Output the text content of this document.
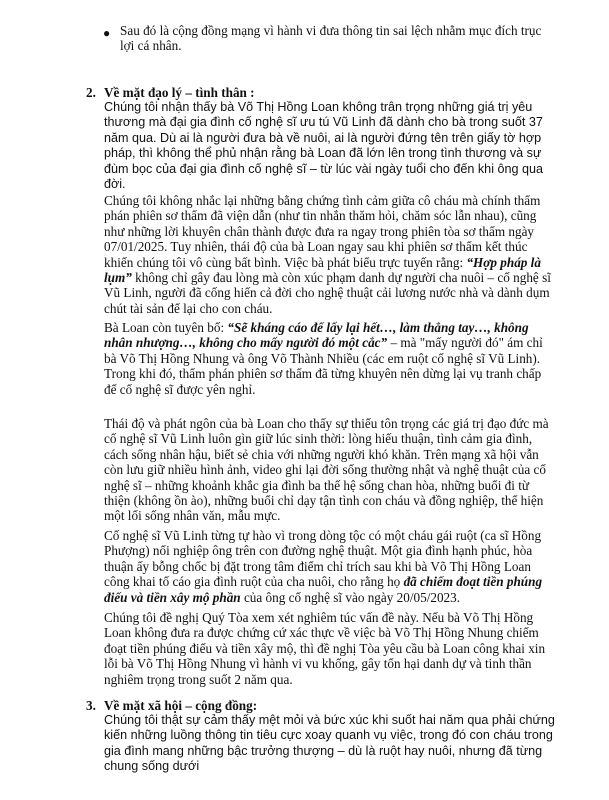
● Sau đó là cộng đồng mạng vì hành vi đưa thông tin sai lệch nhằm mục đích trục lợi cá nhân.

2. Về mặt đạo lý – tình thân :

Chúng tôi nhận thấy bà Võ Thị Hồng Loan không trân trọng những giá trị yêu thương mà đại gia đình cố nghệ sĩ ưu tú Vũ Linh đã dành cho bà trong suốt 37 năm qua. Dù ai là người đưa bà về nuôi, ai là người đứng tên trên giấy tờ hợp pháp, thì không thể phủ nhận rằng bà Loan đã lớn lên trong tình thương và sự đùm bọc của đại gia đình cố nghệ sĩ – từ lúc vài ngày tuổi cho đến khi ông qua đời.

Chúng tôi không nhắc lại những bằng chứng tình cảm giữa cô cháu mà chính thẩm phán phiên sơ thẩm đã viện dẫn (như tin nhắn thăm hỏi, chăm sóc lẫn nhau), cũng như những lời khuyên chân thành được đưa ra ngay trong phiên tòa sơ thẩm ngày 07/01/2025. Tuy nhiên, thái độ của bà Loan ngay sau khi phiên sơ thẩm kết thúc khiến chúng tôi vô cùng bất bình. Việc bà phát biểu trực tuyến rằng: “Hợp pháp là lụm” không chỉ gây đau lòng mà còn xúc phạm danh dự người cha nuôi – cố nghệ sĩ Vũ Linh, người đã cống hiến cả đời cho nghệ thuật cải lương nước nhà và dành dụm chút tài sản để lại cho con cháu.

Bà Loan còn tuyên bố: “Sẽ kháng cáo để lấy lại hết…, làm thẳng tay…, không nhân nhượng…, không cho mấy người đó một cắc” – mà "mấy người đó" ám chỉ bà Võ Thị Hồng Nhung và ông Võ Thành Nhiều (các em ruột cố nghệ sĩ Vũ Linh). Trong khi đó, thẩm phán phiên sơ thẩm đã từng khuyên nên dừng lại vụ tranh chấp để cố nghệ sĩ được yên nghỉ.

Thái độ và phát ngôn của bà Loan cho thấy sự thiếu tôn trọng các giá trị đạo đức mà cố nghệ sĩ Vũ Linh luôn gìn giữ lúc sinh thời: lòng hiếu thuận, tình cảm gia đình, cách sống nhân hậu, biết sẻ chia với những người khó khăn. Trên mạng xã hội vẫn còn lưu giữ nhiều hình ảnh, video ghi lại đời sống thường nhật và nghệ thuật của cố nghệ sĩ – những khoảnh khắc gia đình ba thế hệ sống chan hòa, những buổi đi từ thiện (không ồn ào), những buổi chỉ dạy tận tình con cháu và đồng nghiệp, thể hiện một lối sống nhân văn, mẫu mực.

Cố nghệ sĩ Vũ Linh từng tự hào vì trong dòng tộc có một cháu gái ruột (ca sĩ Hồng Phượng) nối nghiệp ông trên con đường nghệ thuật. Một gia đình hạnh phúc, hòa thuận ấy bỗng chốc bị đặt trong tâm điểm chỉ trích sau khi bà Võ Thị Hồng Loan công khai tố cáo gia đình ruột của cha nuôi, cho rằng họ đã chiếm đoạt tiền phúng điếu và tiền xây mộ phần của ông cố nghệ sĩ vào ngày 20/05/2023.

Chúng tôi đề nghị Quý Tòa xem xét nghiêm túc vấn đề này. Nếu bà Võ Thị Hồng Loan không đưa ra được chứng cứ xác thực về việc bà Võ Thị Hồng Nhung chiếm đoạt tiền phúng điếu và tiền xây mộ, thì đề nghị Tòa yêu cầu bà Loan công khai xin lỗi bà Võ Thị Hồng Nhung vì hành vi vu khống, gây tổn hại danh dự và tinh thần nghiêm trọng trong suốt 2 năm qua.

3. Về mặt xã hội – cộng đồng:

Chúng tôi thật sự cảm thấy mệt mỏi và bức xúc khi suốt hai năm qua phải chứng kiến những luồng thông tin tiêu cực xoay quanh vụ việc, trong đó con cháu trong gia đình mang những bậc trưởng thượng – dù là ruột hay nuôi, nhưng đã từng chung sống dưới
